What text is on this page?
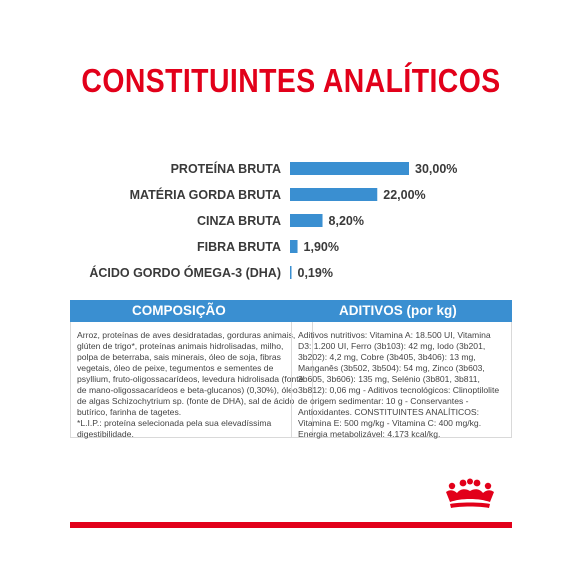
CONSTITUINTES ANALÍTICOS
PROTEÍNA BRUTA	30,00%
MATÉRIA GORDA BRUTA	22,00%
CINZA BRUTA	8,20%
FIBRA BRUTA 1,90%
ÁCIDO GORDO ÓMEGA-3 (DHA) 0,19%
COMPOSIÇÃO
Arroz, proteínas de aves desidratadas, gorduras animais, glúten de trigo*, proteínas animais hidrolisadas, milho, polpa de beterraba, sais minerais, óleo de soja, fibras vegetais, óleo de peixe, tegumentos e sementes de psyllium, fruto-oligossacarídeos, levedura hidrolisada (fonte de mano-oligossacarídeos e beta-glucanos) (0,30%), óleo de algas Schizochytrium sp. (fonte de DHA), sal de ácido butírico, farinha de tagetes.
*L.I.P.: proteína selecionada pela sua elevadíssima digestibilidade.
ADITIVOS (por kg)
Aditivos nutritivos: Vitamina A: 18.500 UI, Vitamina D3: 1.200 UI, Ferro (3b103): 42 mg, Iodo (3b201, 3b202): 4,2 mg, Cobre (3b405, 3b406): 13 mg, Manganês (3b502, 3b504): 54 mg, Zinco (3b603, 3b605, 3b606): 135 mg, Selénio (3b801, 3b811, 3b812): 0,06 mg - Aditivos tecnológicos: Clinoptilolite de origem sedimentar: 10 g - Conservantes - Antioxidantes. CONSTITUINTES ANALÍTICOS: Vitamina E: 500 mg/kg - Vitamina C: 400 mg/kg. Energia metabolizável: 4.173 kcal/kg.
